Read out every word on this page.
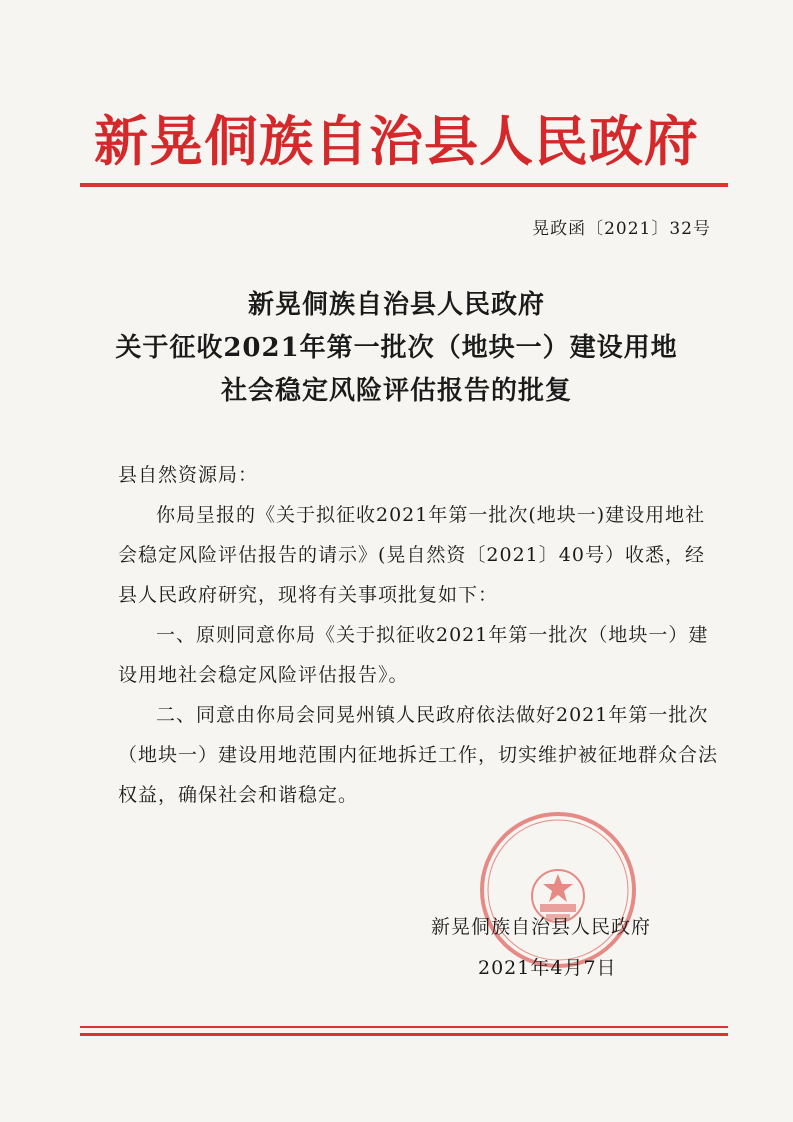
新晃侗族自治县人民政府
晃政函〔2021〕32号
新晃侗族自治县人民政府
关于征收2021年第一批次（地块一）建设用地
社会稳定风险评估报告的批复

县自然资源局：

你局呈报的《关于拟征收2021年第一批次(地块一)建设用地社会稳定风险评估报告的请示》(晃自然资〔2021〕40号）收悉，经县人民政府研究，现将有关事项批复如下：

一、原则同意你局《关于拟征收2021年第一批次（地块一）建设用地社会稳定风险评估报告》。

二、同意由你局会同晃州镇人民政府依法做好2021年第一批次（地块一）建设用地范围内征地拆迁工作，切实维护被征地群众合法权益，确保社会和谐稳定。

新晃侗族自治县人民政府
2021年4月7日
